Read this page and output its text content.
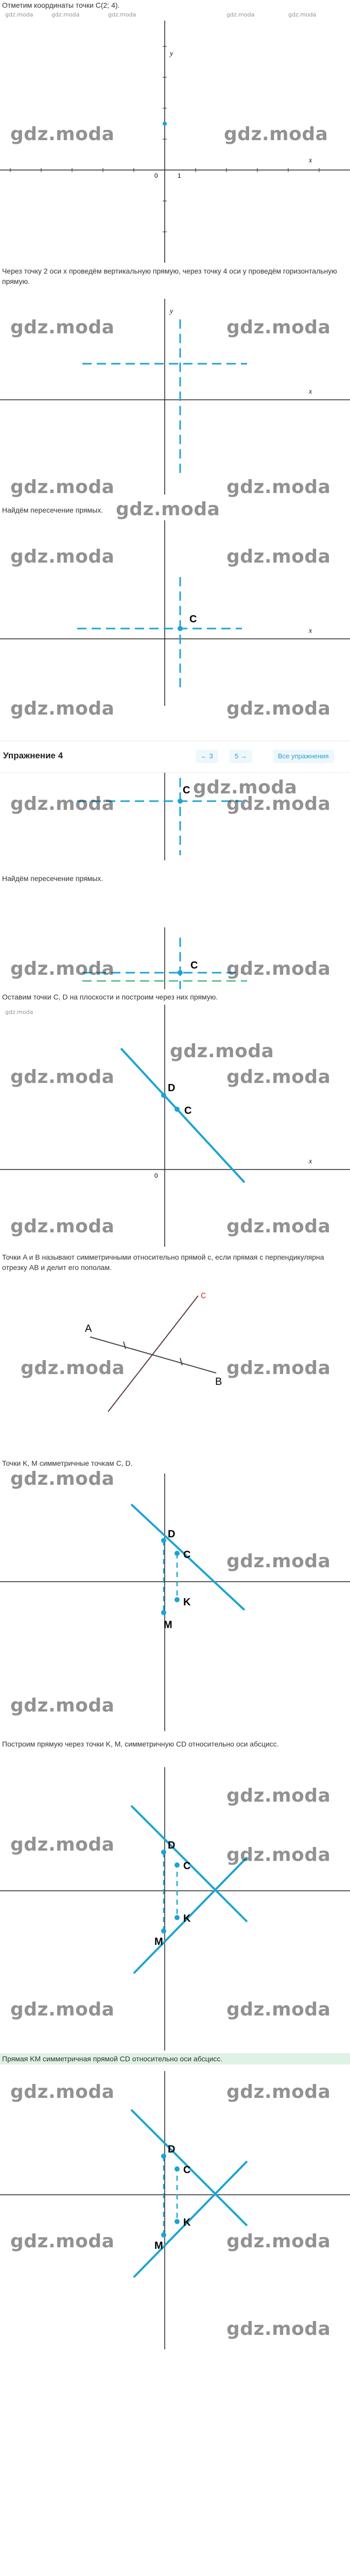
Отметим координаты точки C(2; 4).
gdz.moda	gdz.moda	gdz.moda	gdz.moda	gdz.moda
0	1
x
y
gdz.moda	gdz.moda
Через точку 2 оси x проведём вертикальную прямую, через точку 4 оси y проведём горизонтальную прямую.
x
y
gdz.moda	gdz.moda
gdz.moda	gdz.moda
Найдём пересечение прямых. gdz.moda
C
x
gdz.moda	gdz.moda
gdz.moda	gdz.moda
Упражнение 4	← 3	5 →	Все упражнения
C gdz.moda
gdz.moda	gdz.moda
Найдём пересечение прямых.
C
gdz.moda	gdz.moda
Оставим точки C, D на плоскости и построим через них прямую.
gdz.moda
D
C
x
0
gdz.moda
gdz.moda	gdz.moda
gdz.moda	gdz.moda
Точки A и B называют симметричными относительно прямой c, если прямая c перпендикулярна отрезку AB и делит его пополам.
A
B
c
gdz.moda	gdz.moda
Точки K, M симметричные точкам C, D.
D
C
K
M
gdz.moda
gdz.moda
gdz.moda
Построим прямую через точки K, M, симметричную CD относительно оси абсцисс.
D
C
K
M
gdz.moda
gdz.moda	gdz.moda
gdz.moda	gdz.moda
Прямая KM симметричная прямой CD относительно оси абсцисс.
D
C
K
M
gdz.moda	gdz.moda
gdz.moda	gdz.moda
gdz.moda
